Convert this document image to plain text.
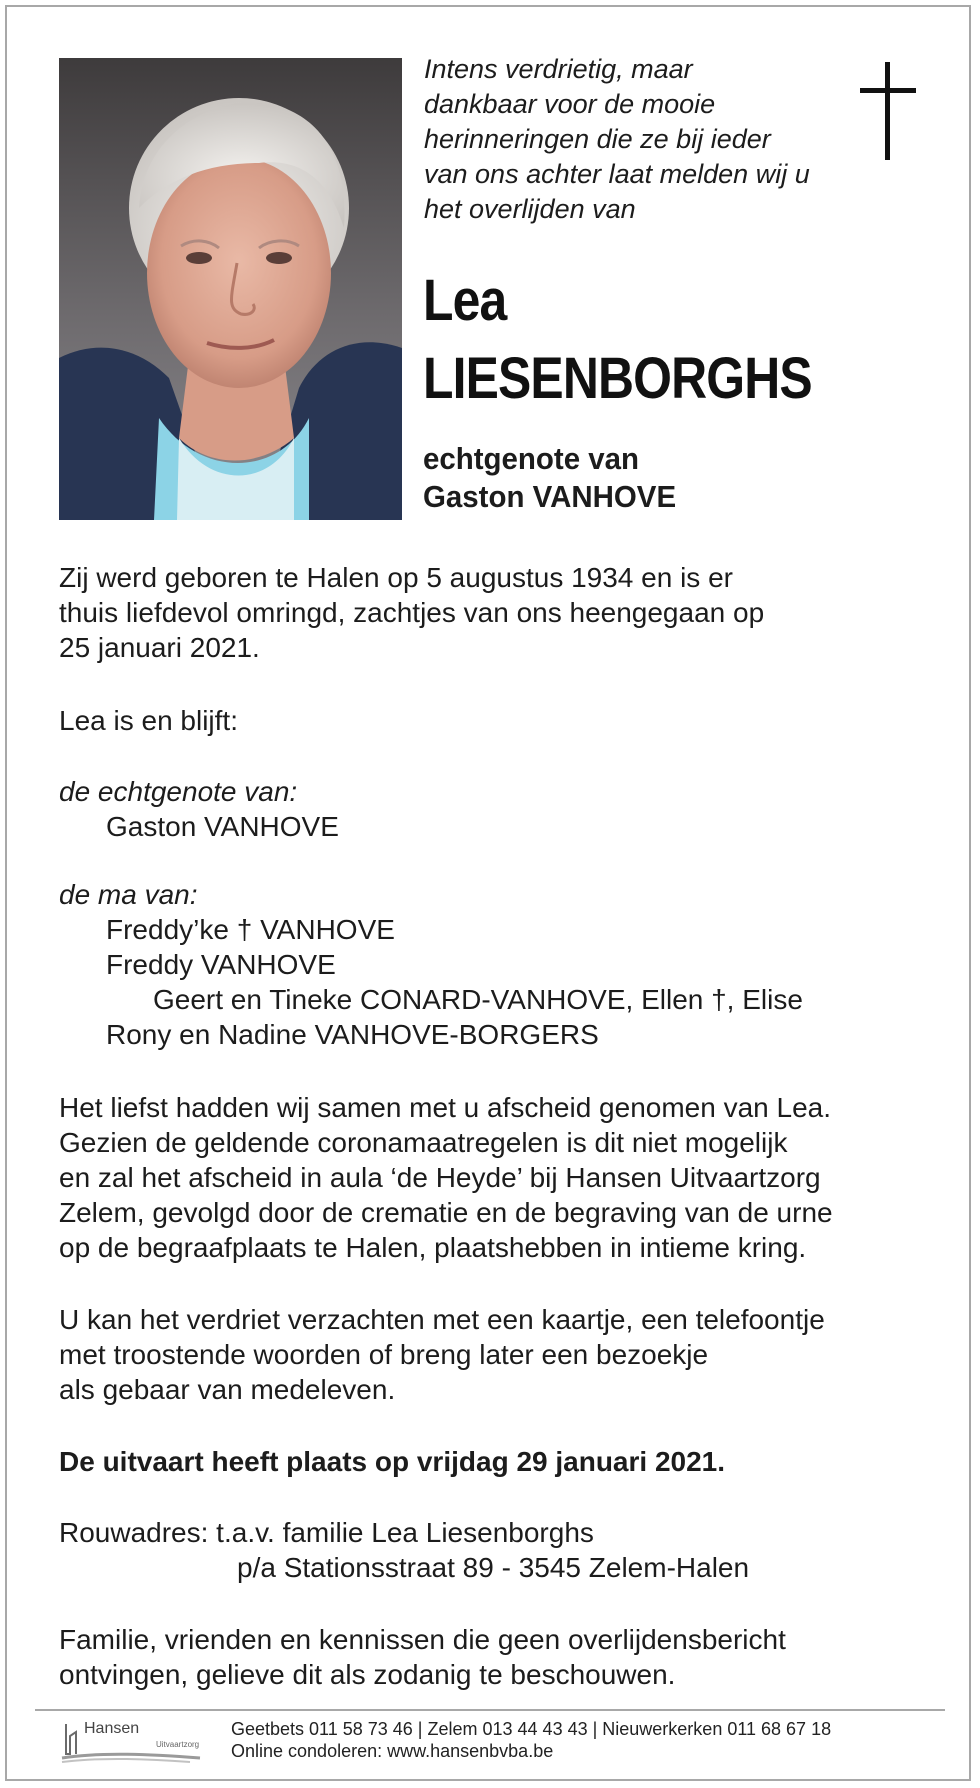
Intens verdrietig, maar
dankbaar voor de mooie
herinneringen die ze bij ieder
van ons achter laat melden wij u
het overlijden van

Lea
LIESENBORGHS

echtgenote van
Gaston VANHOVE

Zij werd geboren te Halen op 5 augustus 1934 en is er
thuis liefdevol omringd, zachtjes van ons heengegaan op
25 januari 2021.

Lea is en blijft:

de echtgenote van:
Gaston VANHOVE

de ma van:
Freddy’ke † VANHOVE
Freddy VANHOVE
Geert en Tineke CONARD-VANHOVE, Ellen †, Elise
Rony en Nadine VANHOVE-BORGERS

Het liefst hadden wij samen met u afscheid genomen van Lea.
Gezien de geldende coronamaatregelen is dit niet mogelijk
en zal het afscheid in aula ‘de Heyde’ bij Hansen Uitvaartzorg
Zelem, gevolgd door de crematie en de begraving van de urne
op de begraafplaats te Halen, plaatshebben in intieme kring.

U kan het verdriet verzachten met een kaartje, een telefoontje
met troostende woorden of breng later een bezoekje
als gebaar van medeleven.

De uitvaart heeft plaats op vrijdag 29 januari 2021.

Rouwadres: t.a.v. familie Lea Liesenborghs
p/a Stationsstraat 89 - 3545 Zelem-Halen

Familie, vrienden en kennissen die geen overlijdensbericht
ontvingen, gelieve dit als zodanig te beschouwen.

Hansen
Uitvaartzorg

Geetbets 011 58 73 46 | Zelem 013 44 43 43 | Nieuwerkerken 011 68 67 18

Online condoleren: www.hansenbvba.be
